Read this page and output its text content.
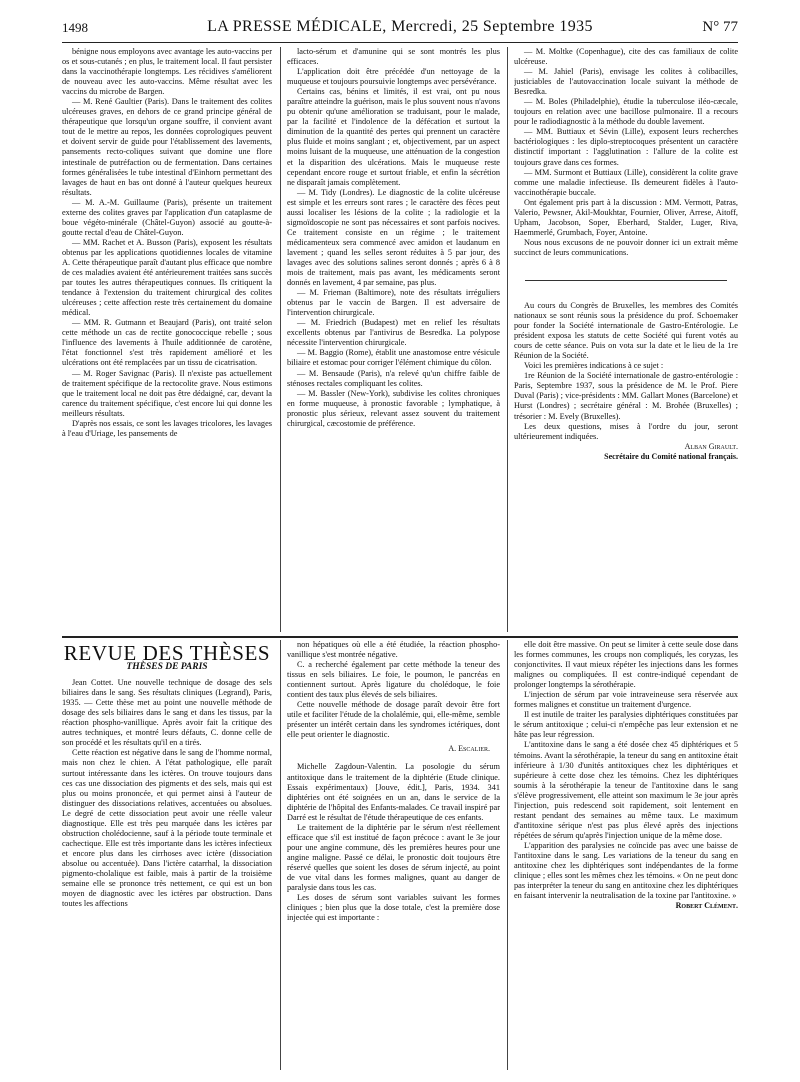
1498	LA PRESSE MÉDICALE, Mercredi, 25 Septembre 1935	N° 77

bénigne nous employons avec avantage les auto-vaccins per os et sous-cutanés ; en plus, le traitement local. Il faut persister dans la vaccinothérapie longtemps. Les récidives s'améliorent de nouveau avec les auto-vaccins. Même résultat avec les vaccins du microbe de Bargen.

— M. René Gaultier (Paris). Dans le traitement des colites ulcéreuses graves, en dehors de ce grand principe général de thérapeutique que lorsqu'un organe souffre, il convient avant tout de le mettre au repos, les données coprologiques peuvent et doivent servir de guide pour l'établissement des lavements, pansements recto-coliques suivant que domine une flore intestinale de putréfaction ou de fermentation. Dans certaines formes généralisées le tube intestinal d'Einhorn permettant des lavages de haut en bas ont donné à l'auteur quelques heureux résultats.

— M. A.-M. Guillaume (Paris), présente un traitement externe des colites graves par l'application d'un cataplasme de boue végéto-minérale (Châtel-Guyon) associé au goutte-à-goutte rectal d'eau de Châtel-Guyon.

— MM. Rachet et A. Busson (Paris), exposent les résultats obtenus par les applications quotidiennes locales de vitamine A. Cette thérapeutique paraît d'autant plus efficace que nombre de ces maladies avaient été antérieurement traitées sans succès par toutes les autres thérapeutiques connues. Ils critiquent la tendance à l'extension du traitement chirurgical des colites ulcéreuses ; cette affection reste très certainement du domaine médical.

— MM. R. Gutmann et Beaujard (Paris), ont traité selon cette méthode un cas de rectite gonococcique rebelle ; sous l'influence des lavements à l'huile additionnée de carotène, l'état fonctionnel s'est très rapidement amélioré et les ulcérations ont été remplacées par un tissu de cicatrisation.

— M. Roger Savignac (Paris). Il n'existe pas actuellement de traitement spécifique de la rectocolite grave. Nous estimons que le traitement local ne doit pas être dédaigné, car, devant la carence du traitement spécifique, c'est encore lui qui donne les meilleurs résultats.

D'après nos essais, ce sont les lavages tricolores, les lavages à l'eau d'Uriage, les pansements de

lacto-sérum et d'amunine qui se sont montrés les plus efficaces.

L'application doit être précédée d'un nettoyage de la muqueuse et toujours poursuivie longtemps avec persévérance.

Certains cas, bénins et limités, il est vrai, ont pu nous paraître atteindre la guérison, mais le plus souvent nous n'avons pu obtenir qu'une amélioration se traduisant, pour le malade, par la facilité et l'indolence de la défécation et surtout la diminution de la quantité des pertes qui prennent un caractère plus fluide et moins sanglant ; et, objectivement, par un aspect moins luisant de la muqueuse, une atténuation de la congestion et la disparition des ulcérations. Mais le muqueuse reste cependant encore rouge et surtout friable, et enfin la sécrétion ne disparaît jamais complètement.

— M. Tidy (Londres). Le diagnostic de la colite ulcéreuse est simple et les erreurs sont rares ; le caractère des fèces peut aussi localiser les lésions de la colite ; la radiologie et la sigmoïdoscopie ne sont pas nécessaires et sont parfois nocives. Ce traitement consiste en un régime ; le traitement médicamenteux sera commencé avec amidon et laudanum en lavement ; quand les selles seront réduites à 5 par jour, des lavages avec des solutions salines seront donnés ; après 6 à 8 mois de traitement, mais pas avant, les médicaments seront donnés en lavement, 4 par semaine, pas plus.

— M. Frieman (Baltimore), note des résultats irréguliers obtenus par le vaccin de Bargen. Il est adversaire de l'intervention chirurgicale.

— M. Friedrich (Budapest) met en relief les résultats excellents obtenus par l'antivirus de Besredka. La polypose nécessite l'intervention chirurgicale.

— M. Baggio (Rome), établit une anastomose entre vésicule biliaire et estomac pour corriger l'élément chimique du côlon.

— M. Bensaude (Paris), n'a relevé qu'un chiffre faible de sténoses rectales compliquant les colites.

— M. Bassler (New-York), subdivise les colites chroniques en forme muqueuse, à pronostic favorable ; lymphatique, à pronostic plus sérieux, relevant assez souvent du traitement chirurgical, cæcostomie de préférence.

— M. Moltke (Copenhague), cite des cas familiaux de colite ulcéreuse.

— M. Jahiel (Paris), envisage les colites à colibacilles, justiciables de l'autovaccination locale suivant la méthode de Besredka.

— M. Boles (Philadelphie), étudie la tuberculose iléo-cæcale, toujours en relation avec une bacillose pulmonaire. Il a recours pour le radiodiagnostic à la méthode du double lavement.

— MM. Buttiaux et Sévin (Lille), exposent leurs recherches bactériologiques : les diplo-streptocoques présentent un caractère distinctif important : l'agglutination : l'allure de la colite est toujours grave dans ces formes.

— MM. Surmont et Buttiaux (Lille), considèrent la colite grave comme une maladie infectieuse. Ils demeurent fidèles à l'auto-vaccinothérapie buccale.

Ont également pris part à la discussion : MM. Vermott, Patras, Valerio, Pewsner, Akil-Moukhtar, Fournier, Oliver, Arrese, Aitoff, Upham, Jacobson, Soper, Eberhard, Stalder, Luger, Riva, Haemmerlé, Grumbach, Foyer, Antoine.

Nous nous excusons de ne pouvoir donner ici un extrait même succinct de leurs communications.

Au cours du Congrès de Bruxelles, les membres des Comités nationaux se sont réunis sous la présidence du prof. Schoemaker pour fonder la Société internationale de Gastro-Entérologie. Le président exposa les statuts de cette Société qui furent votés au cours de cette séance. Puis on vota sur la date et le lieu de la 1re Réunion de la Société.

Voici les premières indications à ce sujet :

1re Réunion de la Société internationale de gastro-entérologie : Paris, Septembre 1937, sous la présidence de M. le Prof. Piere Duval (Paris) ; vice-présidents : MM. Gallart Mones (Barcelone) et Hurst (Londres) ; secrétaire général : M. Brohée (Bruxelles) ; trésorier : M. Evely (Bruxelles).

Les deux questions, mises à l'ordre du jour, seront ultérieurement indiquées.

Alban Girault.

Secrétaire du Comité national français.

REVUE DES THÈSES
THÈSES DE PARIS

Jean Cottet. Une nouvelle technique de dosage des sels biliaires dans le sang. Ses résultats cliniques (Legrand), Paris, 1935. — Cette thèse met au point une nouvelle méthode de dosage des sels biliaires dans le sang et dans les tissus, par la réaction phospho-vanillique. Après avoir fait la critique des autres techniques, et montré leurs défauts, C. donne celle de son procédé et les résultats qu'il en a tirés.

Cette réaction est négative dans le sang de l'homme normal, mais non chez le chien. A l'état pathologique, elle paraît surtout intéressante dans les ictères. On trouve toujours dans ces cas une dissociation des pigments et des sels, mais qui est plus ou moins prononcée, et qui permet ainsi à l'auteur de distinguer des dissociations relatives, accentuées ou absolues. Le degré de cette dissociation peut avoir une réelle valeur diagnostique. Elle est très peu marquée dans les ictères par obstruction cholédocienne, sauf à la période toute terminale et cachectique. Elle est très importante dans les ictères infectieux et encore plus dans les cirrhoses avec ictère (dissociation absolue ou accentuée). Dans l'ictère catarrhal, la dissociation pigmento-cholalique est faible, mais à partir de la troisième semaine elle se prononce très nettement, ce qui est un bon moyen de diagnostic avec les ictères par obstruction. Dans toutes les affections

non hépatiques où elle a été étudiée, la réaction phospho-vanillique s'est montrée négative.

C. a recherché également par cette méthode la teneur des tissus en sels biliaires. Le foie, le poumon, le pancréas en contiennent surtout. Après ligature du cholédoque, le foie contient des taux plus élevés de sels biliaires.

Cette nouvelle méthode de dosage paraît devoir être fort utile et faciliter l'étude de la cholalémie, qui, elle-même, semble présenter un intérêt certain dans les syndromes ictériques, dont elle peut orienter le diagnostic.

A. Escalier.

Michelle Zagdoun-Valentin. La posologie du sérum antitoxique dans le traitement de la diphtérie (Etude clinique. Essais expérimentaux) [Jouve, édit.], Paris, 1934. 341 diphtéries ont été soignées en un an, dans le service de la diphtérie de l'hôpital des Enfants-malades. Ce travail inspiré par Darré est le résultat de l'étude thérapeutique de ces enfants.

Le traitement de la diphtérie par le sérum n'est réellement efficace que s'il est institué de façon précoce : avant le 3e jour pour une angine commune, dès les premières heures pour une angine maligne. Passé ce délai, le pronostic doit toujours être réservé quelles que soient les doses de sérum injecté, au point de vue vital dans les formes malignes, quant au danger de paralysie dans tous les cas.

Les doses de sérum sont variables suivant les formes cliniques ; bien plus que la dose totale, c'est la première dose injectée qui est importante :

elle doit être massive. On peut se limiter à cette seule dose dans les formes communes, les croups non compliqués, les coryzas, les conjonctivites. Il vaut mieux répéter les injections dans les formes malignes ou compliquées. Il est contre-indiqué cependant de prolonger longtemps la sérothérapie.

L'injection de sérum par voie intraveineuse sera réservée aux formes malignes et constitue un traitement d'urgence.

Il est inutile de traiter les paralysies diphtériques constituées par le sérum antitoxique ; celui-ci n'empêche pas leur extension et ne hâte pas leur régression.

L'antitoxine dans le sang a été dosée chez 45 diphtériques et 5 témoins. Avant la sérothérapie, la teneur du sang en antitoxine était inférieure à 1/30 d'unités antitoxiques chez les diphtériques et supérieure à cette dose chez les témoins. Chez les diphtériques soumis à la sérothérapie la teneur de l'antitoxine dans le sang s'élève progressivement, elle atteint son maximum le 3e jour après l'injection, puis redescend soit rapidement, soit lentement en restant pendant des semaines au même taux. Le maximum d'antitoxine sérique n'est pas plus élevé après des injections répétées de sérum qu'après l'injection unique de la même dose.

L'apparition des paralysies ne coïncide pas avec une baisse de l'antitoxine dans le sang. Les variations de la teneur du sang en antitoxine chez les diphtériques sont indépendantes de la forme clinique ; elles sont les mêmes chez les témoins. « On ne peut donc pas interpréter la teneur du sang en antitoxine chez les diphtériques en faisant intervenir la neutralisation de la toxine par l'antitoxine. »

Robert Clément.
